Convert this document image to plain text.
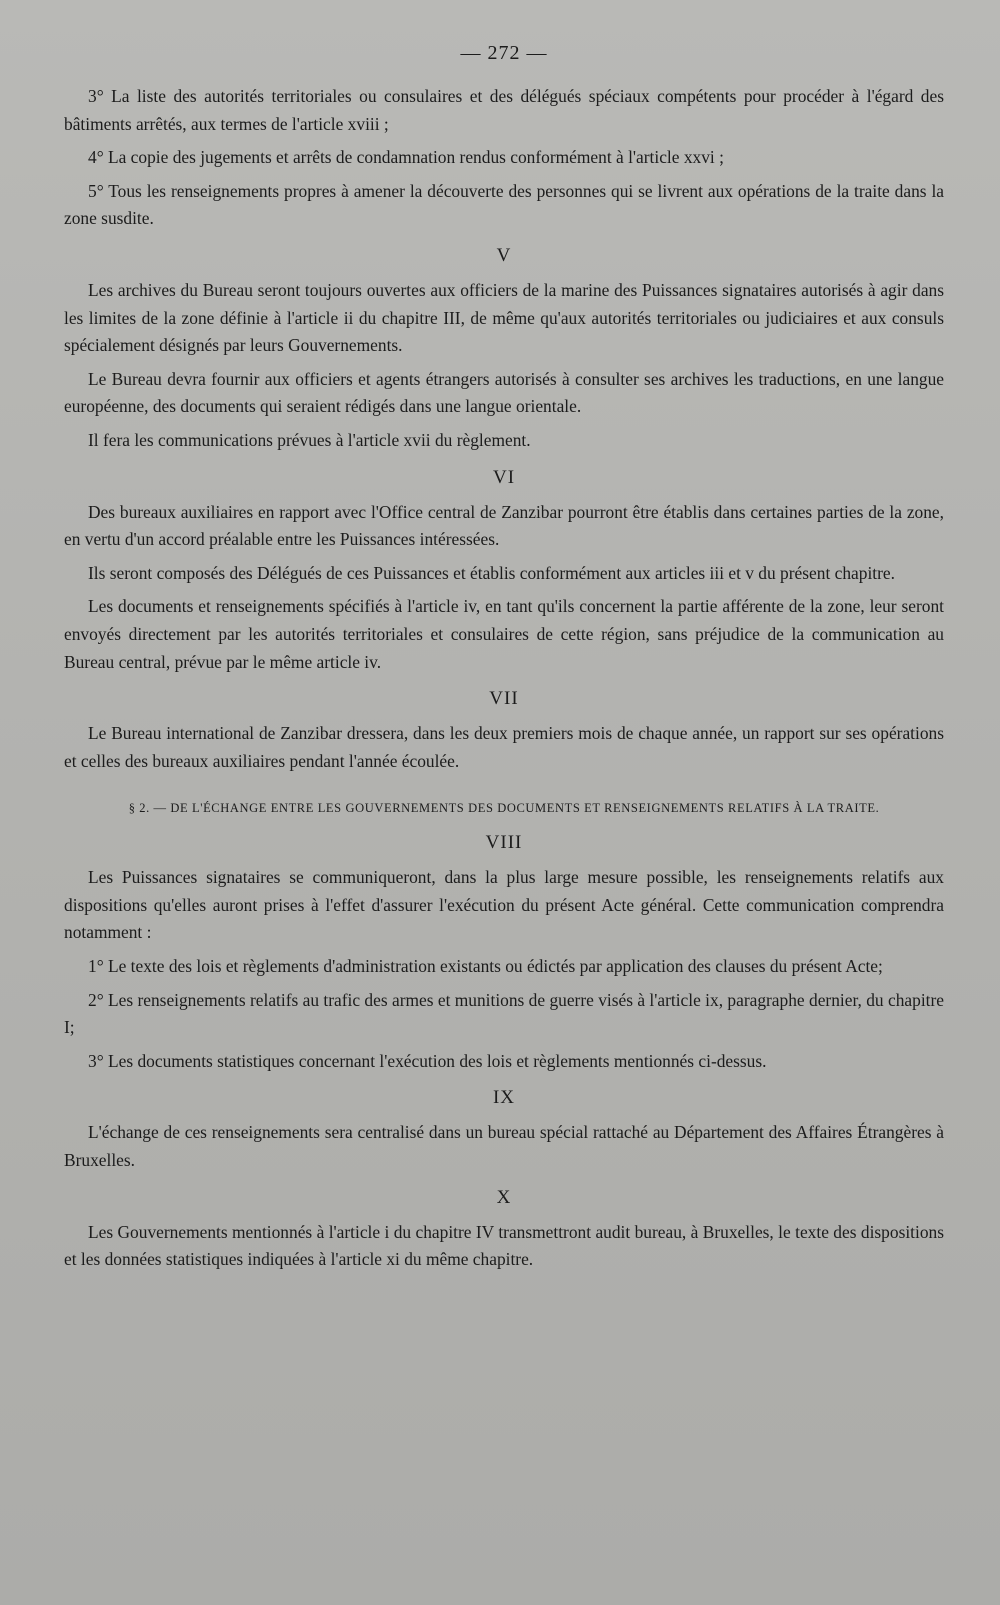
— 272 —

3° La liste des autorités territoriales ou consulaires et des délégués spéciaux compétents pour procéder à l'égard des bâtiments arrêtés, aux termes de l'article xviii ;

4° La copie des jugements et arrêts de condamnation rendus conformément à l'article xxvi ;

5° Tous les renseignements propres à amener la découverte des personnes qui se livrent aux opérations de la traite dans la zone susdite.

V

Les archives du Bureau seront toujours ouvertes aux officiers de la marine des Puissances signataires autorisés à agir dans les limites de la zone définie à l'article ii du chapitre III, de même qu'aux autorités territoriales ou judiciaires et aux consuls spécialement désignés par leurs Gouvernements.

Le Bureau devra fournir aux officiers et agents étrangers autorisés à consulter ses archives les traductions, en une langue européenne, des documents qui seraient rédigés dans une langue orientale.

Il fera les communications prévues à l'article xvii du règlement.

VI

Des bureaux auxiliaires en rapport avec l'Office central de Zanzibar pourront être établis dans certaines parties de la zone, en vertu d'un accord préalable entre les Puissances intéressées.

Ils seront composés des Délégués de ces Puissances et établis conformément aux articles iii et v du présent chapitre.

Les documents et renseignements spécifiés à l'article iv, en tant qu'ils concernent la partie afférente de la zone, leur seront envoyés directement par les autorités territoriales et consulaires de cette région, sans préjudice de la communication au Bureau central, prévue par le même article iv.

VII

Le Bureau international de Zanzibar dressera, dans les deux premiers mois de chaque année, un rapport sur ses opérations et celles des bureaux auxiliaires pendant l'année écoulée.

§ 2. — DE L'ÉCHANGE ENTRE LES GOUVERNEMENTS DES DOCUMENTS ET RENSEIGNEMENTS RELATIFS À LA TRAITE.
VIII

Les Puissances signataires se communiqueront, dans la plus large mesure possible, les renseignements relatifs aux dispositions qu'elles auront prises à l'effet d'assurer l'exécution du présent Acte général. Cette communication comprendra notamment :

1° Le texte des lois et règlements d'administration existants ou édictés par application des clauses du présent Acte;

2° Les renseignements relatifs au trafic des armes et munitions de guerre visés à l'article ix, paragraphe dernier, du chapitre I;

3° Les documents statistiques concernant l'exécution des lois et règlements mentionnés ci-dessus.

IX

L'échange de ces renseignements sera centralisé dans un bureau spécial rattaché au Département des Affaires Étrangères à Bruxelles.

X

Les Gouvernements mentionnés à l'article i du chapitre IV transmettront audit bureau, à Bruxelles, le texte des dispositions et les données statistiques indiquées à l'article xi du même chapitre.
